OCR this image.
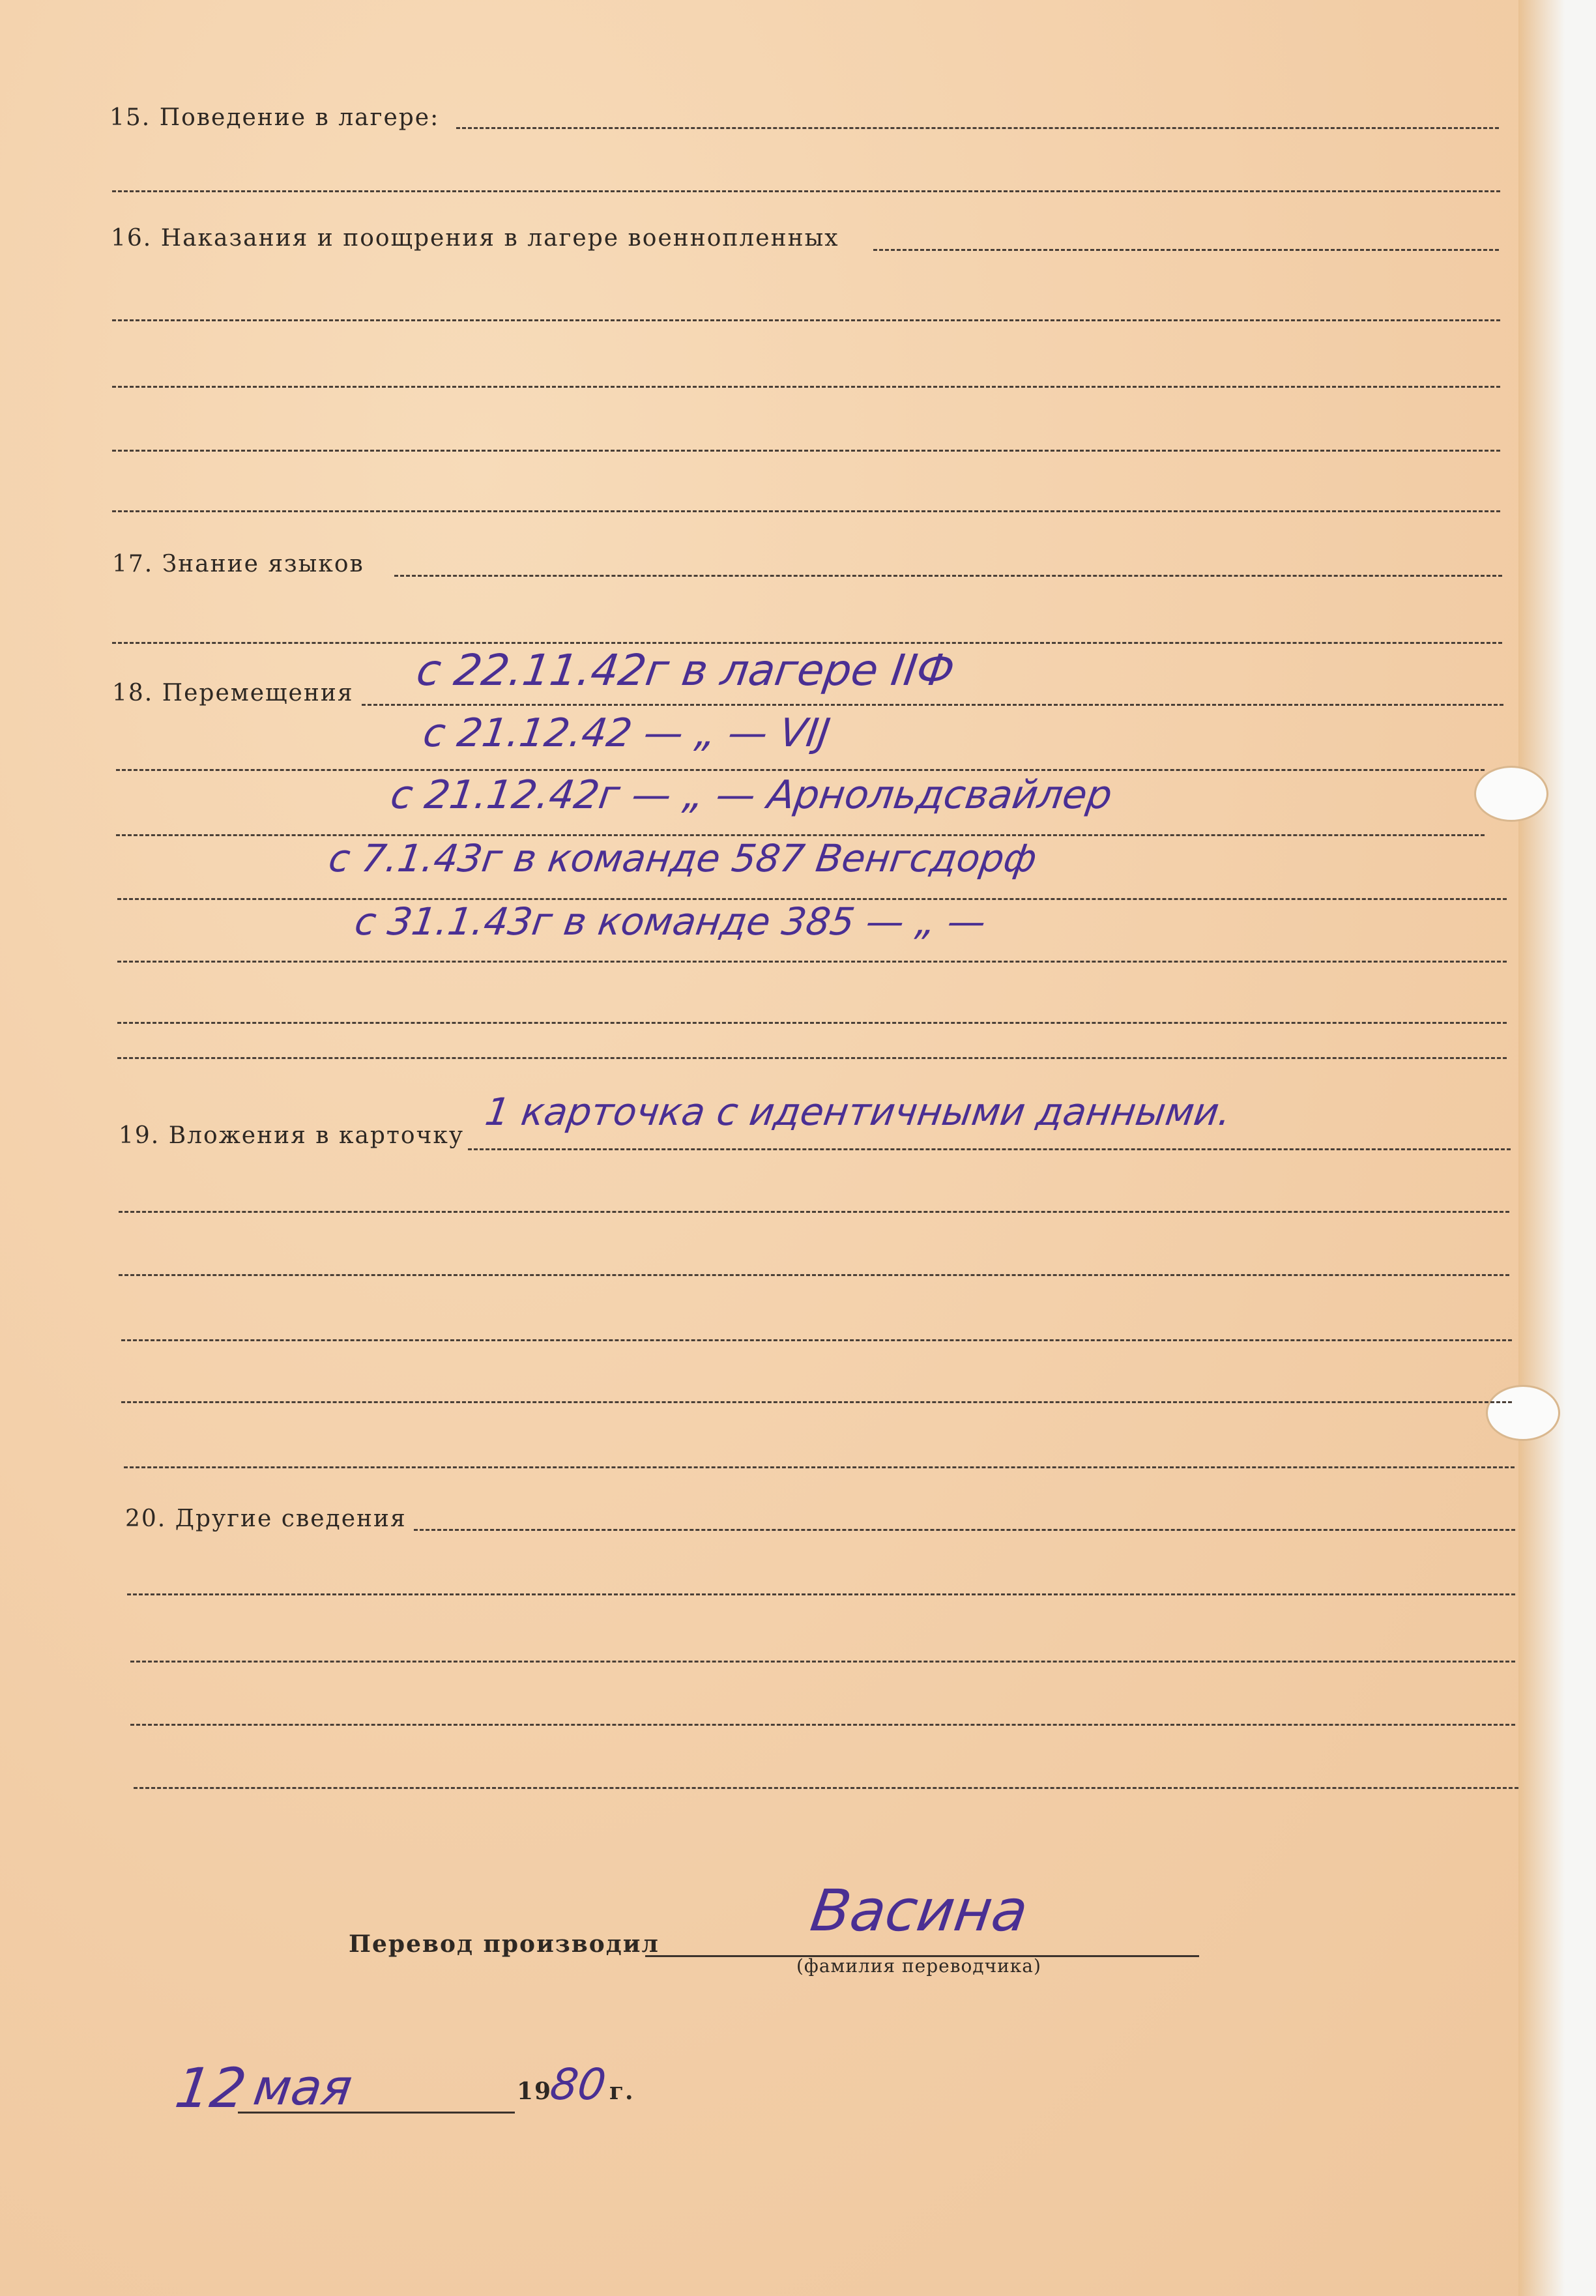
15. Поведение в лагере:
16. Наказания и поощрения в лагере военнопленных
17. Знание языков
18. Перемещения с 22.11.42г в лагере IIФ
с 21.12.42 — „ — VIJ
с 21.12.42г — „ — Арнольдсвайлер
с 7.1.43г в команде 587 Венгсдорф
с 31.1.43г в команде 385 — „ —
19. Вложения в карточку
1 карточка с идентичными данными.
20. Другие сведения
Перевод производил	Васина
(фамилия переводчика)
12 мая	19
80 г.
